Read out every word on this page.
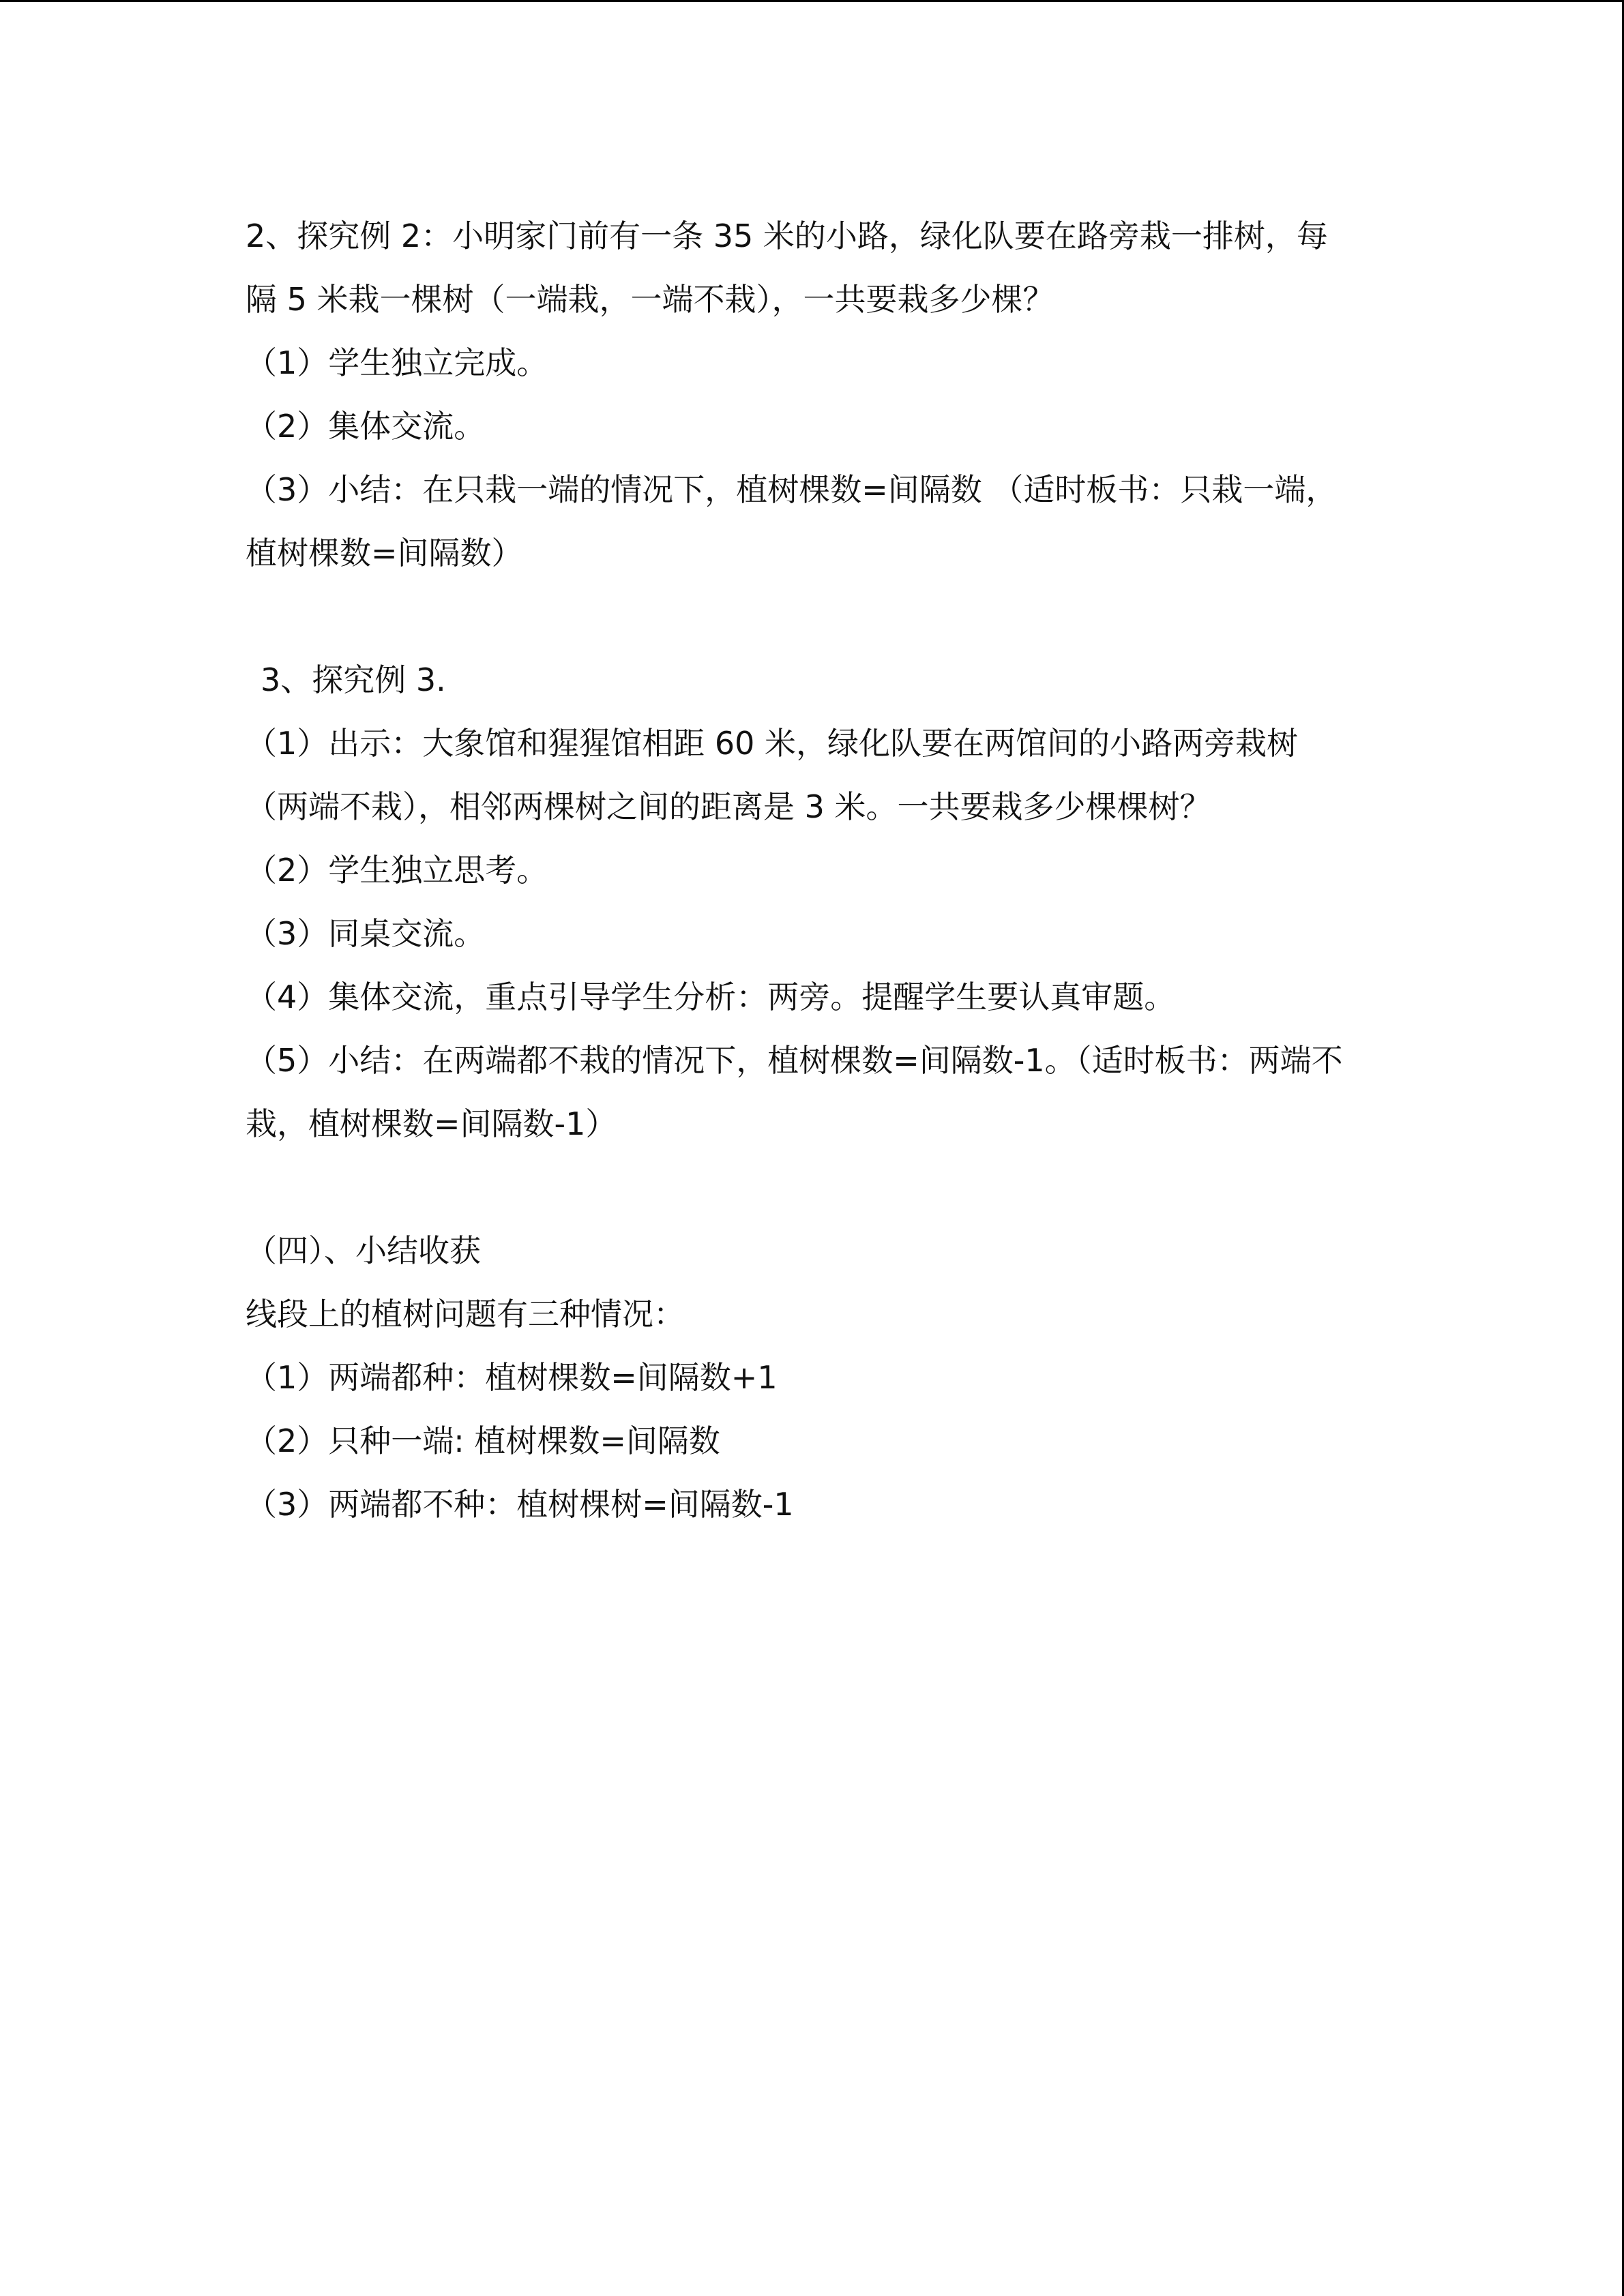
2、探究例 2：小明家门前有一条 35 米的小路，绿化队要在路旁栽一排树，每

隔 5 米栽一棵树（一端栽，一端不栽），一共要栽多少棵？

（1）学生独立完成。

（2）集体交流。

（3）小结：在只栽一端的情况下，植树棵数=间隔数 （适时板书：只栽一端，

植树棵数=间隔数）

3、探究例 3.

（1）出示：大象馆和猩猩馆相距 60 米，绿化队要在两馆间的小路两旁栽树

（两端不栽），相邻两棵树之间的距离是 3 米。一共要栽多少棵棵树？

（2）学生独立思考。

（3）同桌交流。

（4）集体交流，重点引导学生分析：两旁。提醒学生要认真审题。

（5）小结：在两端都不栽的情况下，植树棵数=间隔数-1。（适时板书：两端不

栽，植树棵数=间隔数-1）

（四）、小结收获

线段上的植树问题有三种情况：

（1）两端都种：植树棵数=间隔数+1

（2）只种一端: 植树棵数=间隔数

（3）两端都不种：植树棵树=间隔数-1
